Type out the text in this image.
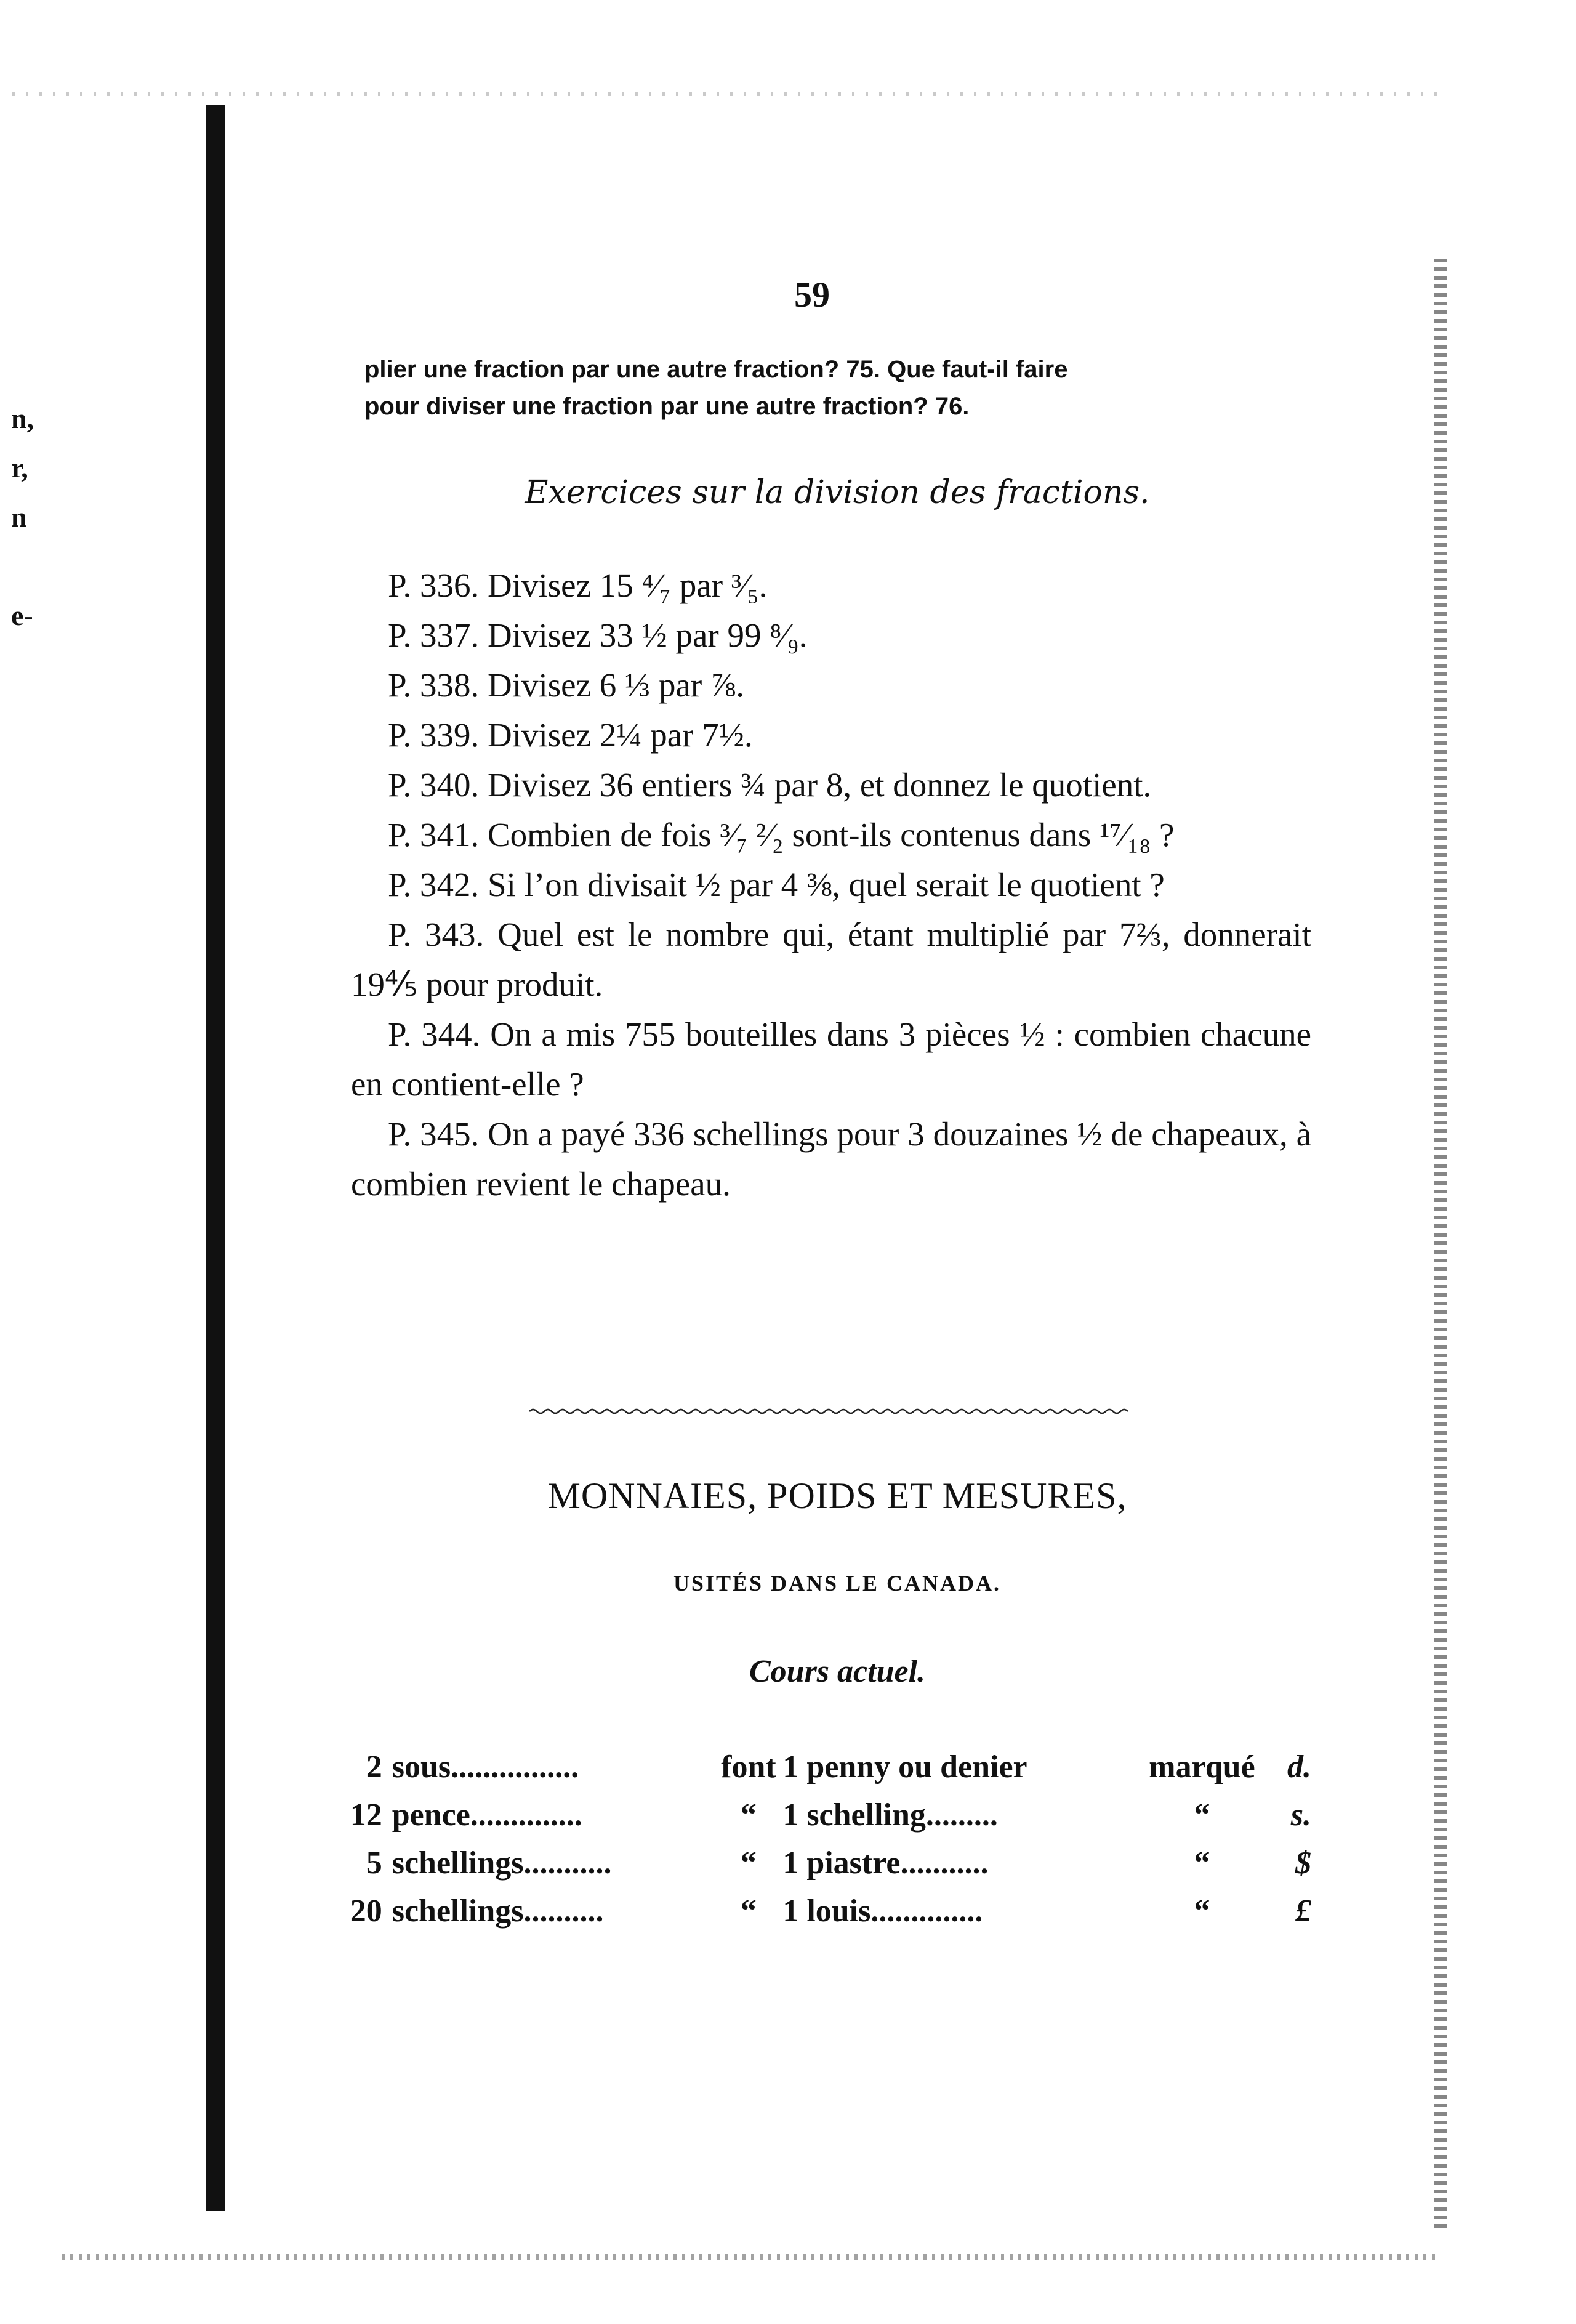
n,
r,
n
e-
59
plier une fraction par une autre fraction? 75. Que faut-il faire
pour diviser une fraction par une autre fraction? 76.
Exercices sur la division des fractions.

P. 336. Divisez 15 ⁴⁄₇ par ³⁄₅.

P. 337. Divisez 33 ½ par 99 ⁸⁄₉.

P. 338. Divisez 6 ⅓ par ⅞.

P. 339. Divisez 2¼ par 7½.

P. 340. Divisez 36 entiers ¾ par 8, et donnez le quotient.

P. 341. Combien de fois ³⁄₇ ²⁄₂ sont-ils contenus dans ¹⁷⁄₁₈ ?

P. 342. Si l’on divisait ½ par 4 ⅜, quel serait le quotient ?

P. 343. Quel est le nombre qui, étant multiplié par 7⅔, donnerait 19⅘ pour produit.

P. 344. On a mis 755 bouteilles dans 3 pièces ½ : combien chacune en contient-elle ?

P. 345. On a payé 336 schellings pour 3 douzaines ½ de chapeaux, à combien revient le chapeau.

MONNAIES, POIDS ET MESURES,
USITÉS DANS LE CANADA.
Cours actuel.
2	sous................	font	1 penny ou denier	marqué	d.
12	pence..............	“	1 schelling.........	“	s.
5	schellings...........	“	1 piastre...........	“	$
20	schellings..........	“	1 louis..............	“	£
